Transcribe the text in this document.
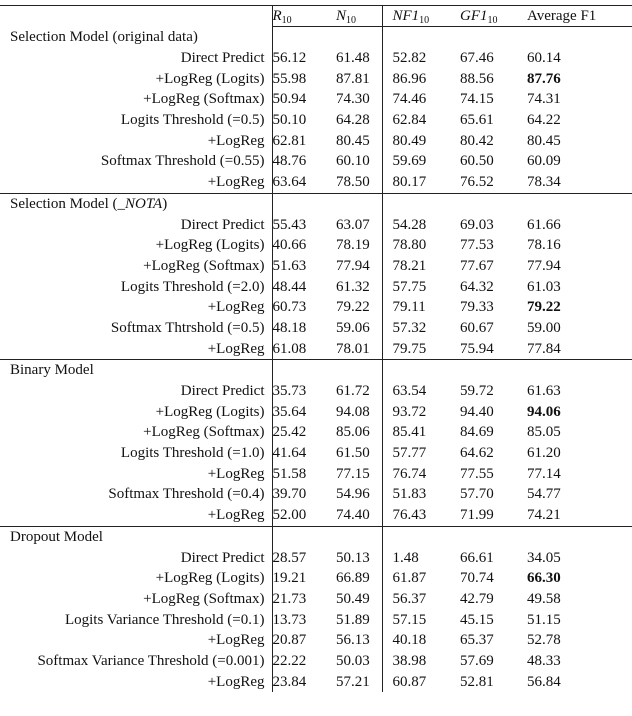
	$R_{10}$	$N_{10}$	$NF1_{10}$	$GF1_{10}$	Average F1
Selection Model (original data)					
Direct Predict	56.12	61.48	52.82	67.46	60.14
+LogReg (Logits)	55.98	87.81	86.96	88.56	87.76
+LogReg (Softmax)	50.94	74.30	74.46	74.15	74.31
Logits Threshold (=0.5)	50.10	64.28	62.84	65.61	64.22
+LogReg	62.81	80.45	80.49	80.42	80.45
Softmax Threshold (=0.55)	48.76	60.10	59.69	60.50	60.09
+LogReg	63.64	78.50	80.17	76.52	78.34
Selection Model (_NOTA)					
Direct Predict	55.43	63.07	54.28	69.03	61.66
+LogReg (Logits)	40.66	78.19	78.80	77.53	78.16
+LogReg (Softmax)	51.63	77.94	78.21	77.67	77.94
Logits Threshold (=2.0)	48.44	61.32	57.75	64.32	61.03
+LogReg	60.73	79.22	79.11	79.33	79.22
Softmax Thtrshold (=0.5)	48.18	59.06	57.32	60.67	59.00
+LogReg	61.08	78.01	79.75	75.94	77.84
Binary Model					
Direct Predict	35.73	61.72	63.54	59.72	61.63
+LogReg (Logits)	35.64	94.08	93.72	94.40	94.06
+LogReg (Softmax)	25.42	85.06	85.41	84.69	85.05
Logits Threshold (=1.0)	41.64	61.50	57.77	64.62	61.20
+LogReg	51.58	77.15	76.74	77.55	77.14
Softmax Threshold (=0.4)	39.70	54.96	51.83	57.70	54.77
+LogReg	52.00	74.40	76.43	71.99	74.21
Dropout Model					
Direct Predict	28.57	50.13	1.48	66.61	34.05
+LogReg (Logits)	19.21	66.89	61.87	70.74	66.30
+LogReg (Softmax)	21.73	50.49	56.37	42.79	49.58
Logits Variance Threshold (=0.1)	13.73	51.89	57.15	45.15	51.15
+LogReg	20.87	56.13	40.18	65.37	52.78
Softmax Variance Threshold (=0.001)	22.22	50.03	38.98	57.69	48.33
+LogReg	23.84	57.21	60.87	52.81	56.84
